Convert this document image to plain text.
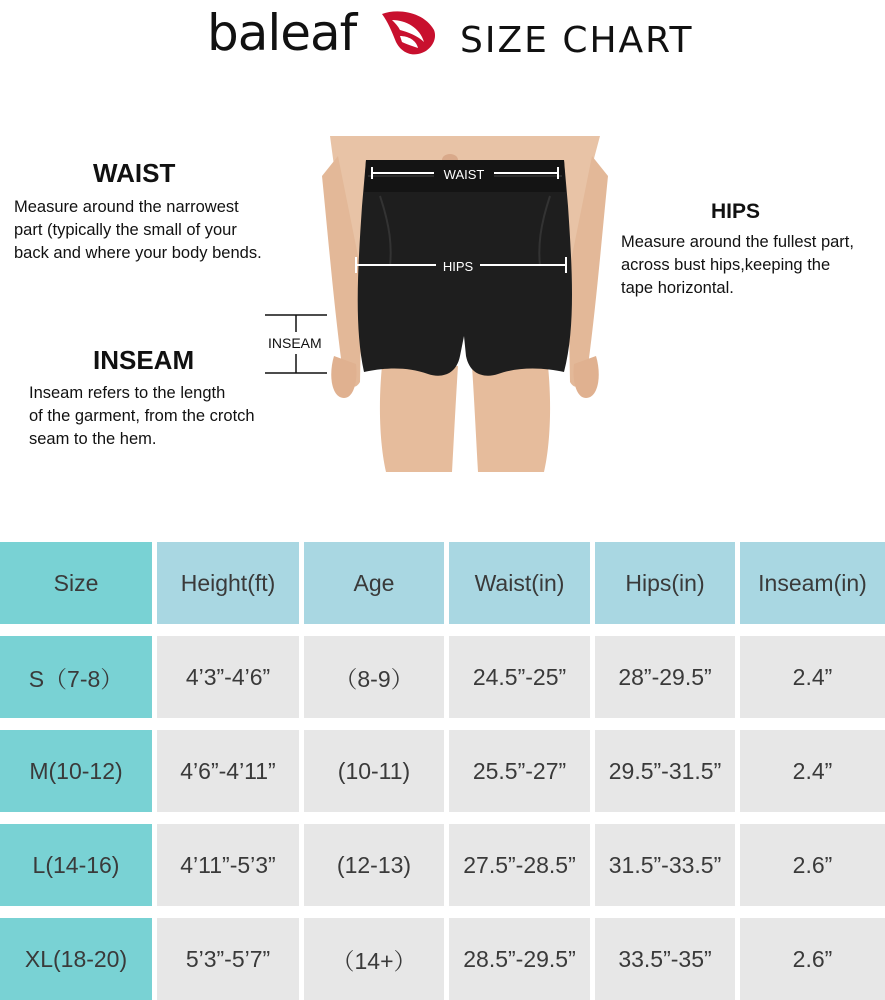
baleaf	SIZE CHART
WAIST
Measure around the narrowest
part (typically the small of your
back and where your body bends.
HIPS
Measure around the fullest part,
across bust hips,keeping the
tape horizontal.
INSEAM
Inseam refers to the length
of the garment, from the crotch
seam to the hem.
WAIST
HIPS
INSEAM
Size	Height(ft)	Age	Waist(in)	Hips(in)	Inseam(in)
S（7-8）	4’3”-4’6”	（8-9）	24.5”-25”	28”-29.5”	2.4”
M(10-12)	4’6”-4’11”	(10-11)	25.5”-27”	29.5”-31.5”	2.4”
L(14-16)	4’11”-5’3”	(12-13)	27.5”-28.5”	31.5”-33.5”	2.6”
XL(18-20)	5’3”-5’7”	（14+）	28.5”-29.5”	33.5”-35”	2.6”
